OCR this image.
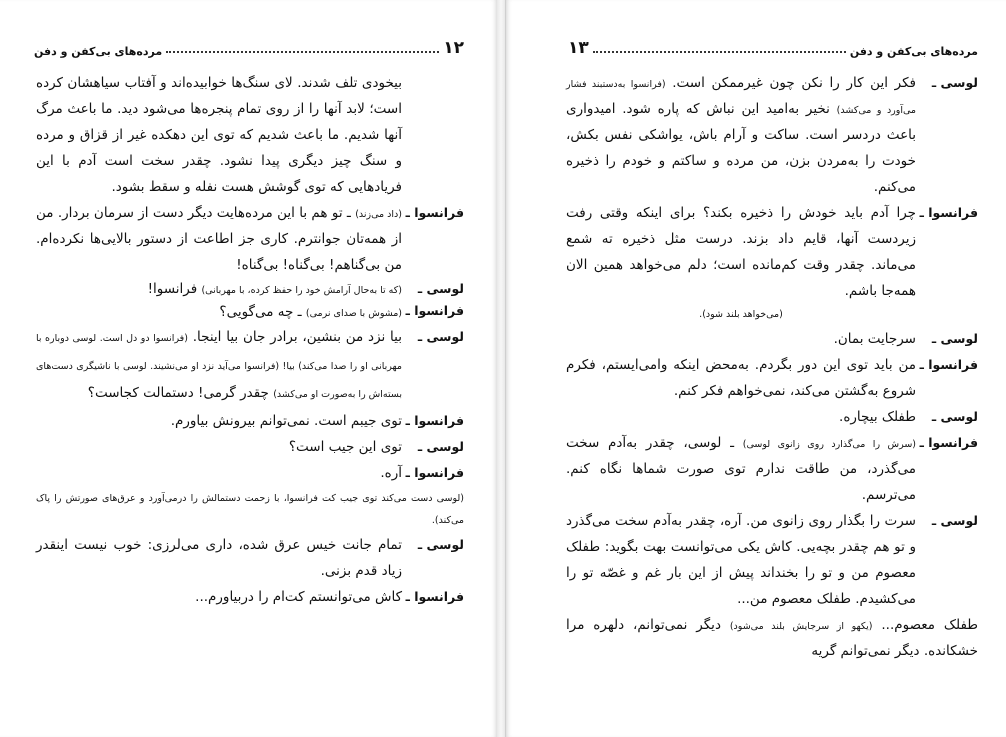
۱۲
مرده‌های بی‌کفن و دفن
بیخودی تلف شدند. لای سنگ‌ها خوابیده‌اند و آفتاب سیاهشان کرده است؛ لابد آنها را از روی تمام پنجره‌ها می‌شود دید. ما باعث مرگ آنها شدیم. ما باعث شدیم که توی این دهکده غیر از قزاق و مرده و سنگ چیز دیگری پیدا نشود. چقدر سخت است آدم با این فریادهایی که توی گوشش هست نفله و سقط بشود.
فرانسوا ـ
(داد می‌زند) ـ تو هم با این مرده‌هایت دیگر دست از سرمان بردار. من از همه‌تان جوانترم. کاری جز اطاعت از دستور بالایی‌ها نکرده‌ام. من بی‌گناهم! بی‌گناه! بی‌گناه!
لوسی ـ
(که تا به‌حال آرامش خود را حفظ کرده، با مهربانی) فرانسوا!
فرانسوا ـ
(مشوش با صدای نرمی) ـ چه می‌گویی؟
لوسی ـ
بیا نزد من بنشین، برادر جان بیا اینجا. (فرانسوا دو دل است. لوسی دوباره با مهربانی او را صدا می‌کند) بیا! (فرانسوا می‌آید نزد او می‌نشیند. لوسی با ناشیگری دست‌های بسته‌اش را به‌صورت او می‌کشد) چقدر گرمی! دستمالت کجاست؟
فرانسوا ـ
توی جیبم است. نمی‌توانم بیرونش بیاورم.
لوسی ـ
توی این جیب است؟
فرانسوا ـ
آره.
(لوسی دست می‌کند توی جیب کت فرانسوا، با زحمت دستمالش را درمی‌آورد و عرق‌های صورتش را پاک می‌کند).
لوسی ـ
تمام جانت خیس عرق شده، داری می‌لرزی: خوب نیست اینقدر زیاد قدم بزنی.
فرانسوا ـ
کاش می‌توانستم کت‌ام را دربیاورم...
مرده‌های بی‌کفن و دفن
۱۳
لوسی ـ
فکر این کار را نکن چون غیرممکن است. (فرانسوا به‌دستبند فشار می‌آورد و می‌کشد) نخیر به‌امید این نباش که پاره شود. امیدواری باعث دردسر است. ساکت و آرام باش، یواشکی نفس بکش، خودت را به‌مردن بزن، من مرده و ساکتم و خودم را ذخیره می‌کنم.
فرانسوا ـ
چرا آدم باید خودش را ذخیره بکند؟ برای اینکه وقتی رفت زیردست آنها، قایم داد بزند. درست مثل ذخیره ته شمع می‌ماند. چقدر وقت کم‌مانده است؛ دلم می‌خواهد همین الان همه‌جا باشم.
(می‌خواهد بلند شود).
لوسی ـ
سرجایت بمان.
فرانسوا ـ
من باید توی این دور بگردم. به‌محض اینکه وامی‌ایستم، فکرم شروع به‌گشتن می‌کند، نمی‌خواهم فکر کنم.
لوسی ـ
طفلک بیچاره.
فرانسوا ـ
(سرش را می‌گذارد روی زانوی لوسی) ـ لوسی، چقدر به‌آدم سخت می‌گذرد، من طاقت ندارم توی صورت شماها نگاه کنم. می‌ترسم.
لوسی ـ
سرت را بگذار روی زانوی من. آره، چقدر به‌آدم سخت می‌گذرد و تو هم چقدر بچه‌یی. کاش یکی می‌توانست بهت بگوید: طفلک معصوم من و تو را بخنداند پیش از این بار غم و غصّه تو را می‌کشیدم. طفلک معصوم من...
طفلک معصوم... (یکهو از سرجایش بلند می‌شود) دیگر نمی‌توانم، دلهره مرا خشکانده. دیگر نمی‌توانم گریه
